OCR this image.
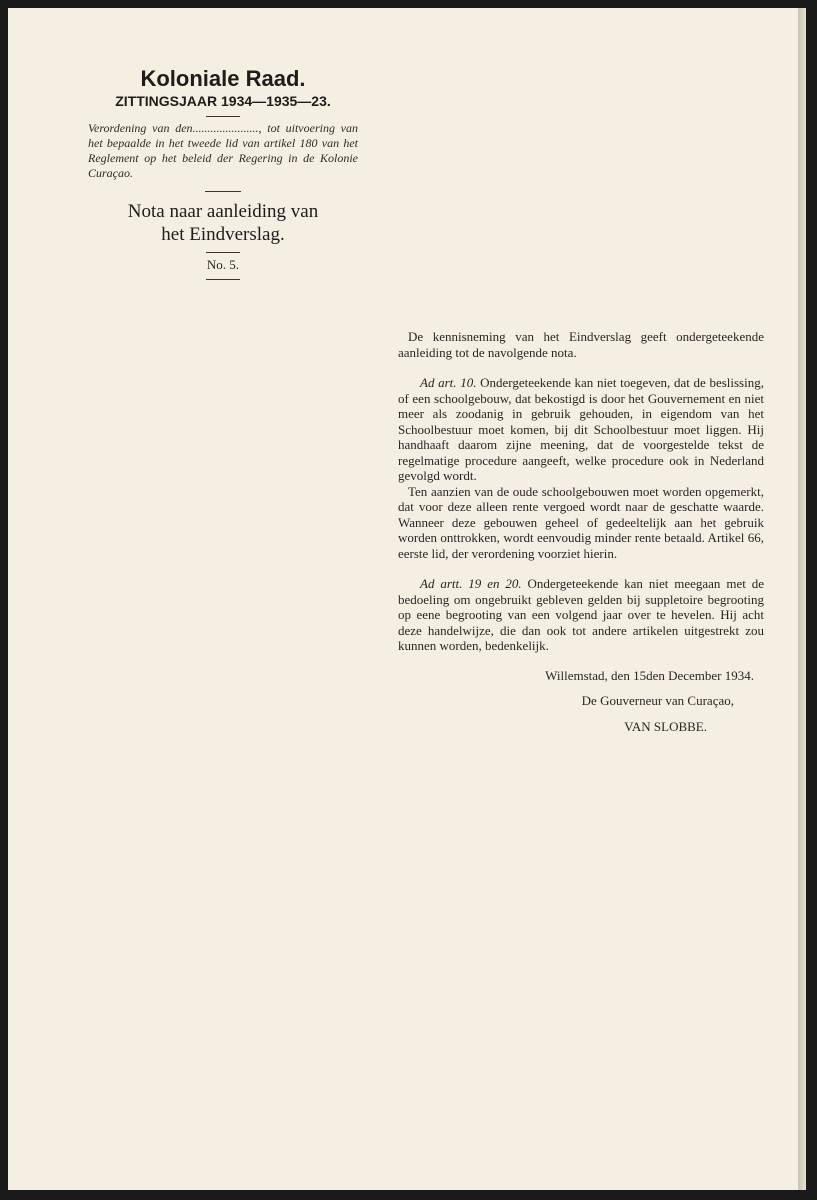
Koloniale Raad.
ZITTINGSJAAR 1934—1935—23.

Verordening van den......................, tot uitvoering van het bepaalde in het tweede lid van artikel 180 van het Reglement op het beleid der Regering in de Kolonie Curaçao.

Nota naar aanleiding van

het Eindverslag.

No. 5.

De kennisneming van het Eindverslag geeft ondergeteekende aanleiding tot de navolgende nota.

Ad art. 10. Ondergeteekende kan niet toegeven, dat de beslissing, of een schoolgebouw, dat bekostigd is door het Gouvernement en niet meer als zoodanig in gebruik gehouden, in eigendom van het Schoolbestuur moet komen, bij dit Schoolbestuur moet liggen. Hij handhaaft daarom zijne meening, dat de voorgestelde tekst de regelmatige procedure aangeeft, welke procedure ook in Nederland gevolgd wordt.

Ten aanzien van de oude schoolgebouwen moet worden opgemerkt, dat voor deze alleen rente vergoed wordt naar de geschatte waarde. Wanneer deze gebouwen geheel of gedeeltelijk aan het gebruik worden onttrokken, wordt eenvoudig minder rente betaald. Artikel 66, eerste lid, der verordening voorziet hierin.

Ad artt. 19 en 20. Ondergeteekende kan niet meegaan met de bedoeling om ongebruikt gebleven gelden bij suppletoire begrooting op eene begrooting van een volgend jaar over te hevelen. Hij acht deze handelwijze, die dan ook tot andere artikelen uitgestrekt zou kunnen worden, bedenkelijk.

Willemstad, den 15den December 1934.

De Gouverneur van Curaçao,

VAN SLOBBE.
